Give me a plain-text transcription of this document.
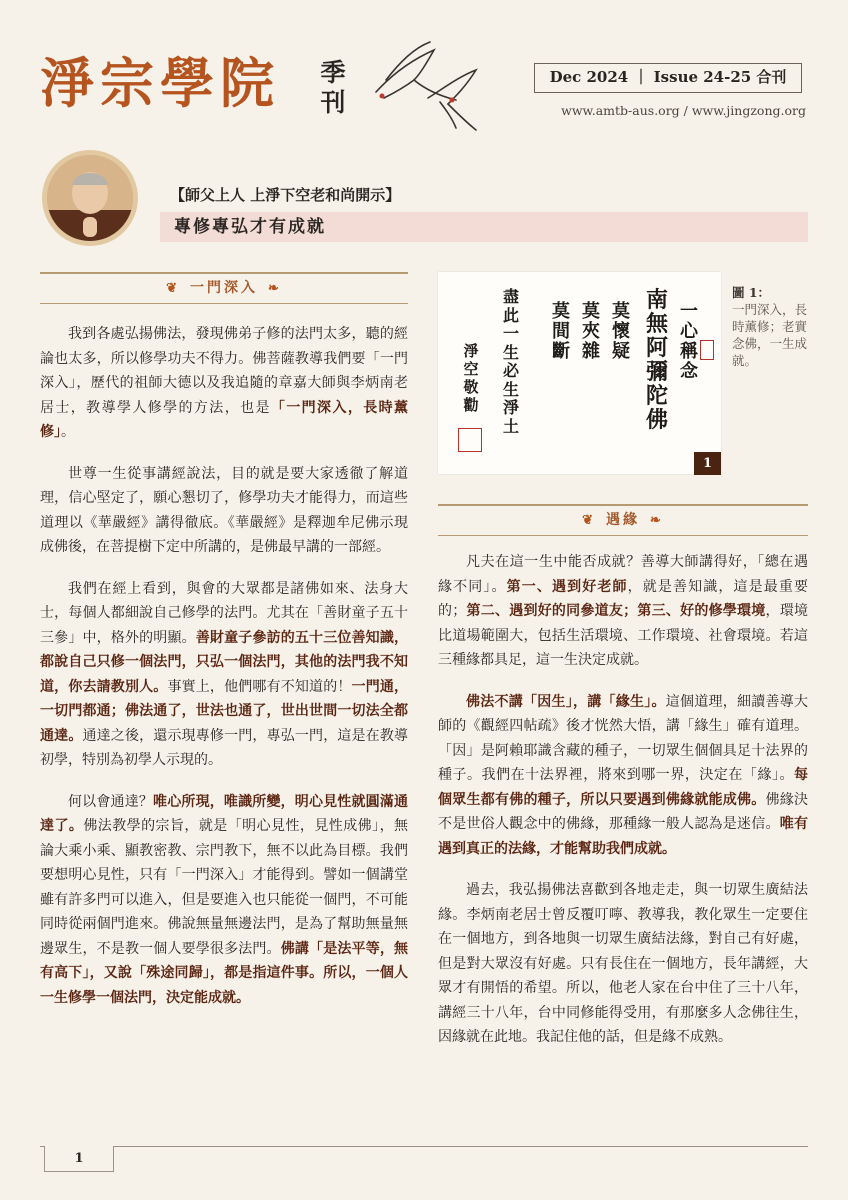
淨宗學院 季刊
Dec 2024 ｜ Issue 24-25 合刊
www.amtb-aus.org / www.jingzong.org
【師父上人 上淨下空老和尚開示】
專修專弘才有成就
❦ 一門深入 ❧

我到各處弘揚佛法，發現佛弟子修的法門太多，聽的經論也太多，所以修學功夫不得力。佛菩薩教導我們要「一門深入」，歷代的祖師大德以及我追隨的章嘉大師與李炳南老居士，教導學人修學的方法，也是「一門深入，長時薰修」。

世尊一生從事講經說法，目的就是要大家透徹了解道理，信心堅定了，願心懇切了，修學功夫才能得力，而這些道理以《華嚴經》講得徹底。《華嚴經》是釋迦牟尼佛示現成佛後，在菩提樹下定中所講的，是佛最早講的一部經。

我們在經上看到，與會的大眾都是諸佛如來、法身大士，每個人都細說自己修學的法門。尤其在「善財童子五十三參」中，格外的明顯。善財童子參訪的五十三位善知識，都說自己只修一個法門，只弘一個法門，其他的法門我不知道，你去請教別人。事實上，他們哪有不知道的！一門通，一切門都通；佛法通了，世法也通了，世出世間一切法全都通達。通達之後，還示現專修一門，專弘一門，這是在教導初學，特別為初學人示現的。

何以會通達？唯心所現，唯識所變，明心見性就圓滿通達了。佛法教學的宗旨，就是「明心見性，見性成佛」，無論大乘小乘、顯教密教、宗門教下，無不以此為目標。我們要想明心見性，只有「一門深入」才能得到。譬如一個講堂雖有許多門可以進入，但是要進入也只能從一個門，不可能同時從兩個門進來。佛說無量無邊法門，是為了幫助無量無邊眾生，不是教一個人要學很多法門。佛講「是法平等，無有高下」，又說「殊途同歸」，都是指這件事。所以，一個人一生修學一個法門，決定能成就。

一心稱念
南無阿彌陀佛
莫懷疑
莫夾雜
莫間斷
盡此一生必生淨土
淨空敬勸
1
圖 1：
一門深入，長時薰修；老實念佛，一生成就。
❦ 遇緣 ❧

凡夫在這一生中能否成就？善導大師講得好，「總在遇緣不同」。第一、遇到好老師，就是善知識，這是最重要的；第二、遇到好的同參道友；第三、好的修學環境，環境比道場範圍大，包括生活環境、工作環境、社會環境。若這三種緣都具足，這一生決定成就。

佛法不講「因生」，講「緣生」。這個道理，細讀善導大師的《觀經四帖疏》後才恍然大悟，講「緣生」確有道理。「因」是阿賴耶識含藏的種子，一切眾生個個具足十法界的種子。我們在十法界裡，將來到哪一界，決定在「緣」。每個眾生都有佛的種子，所以只要遇到佛緣就能成佛。佛緣決不是世俗人觀念中的佛緣，那種緣一般人認為是迷信。唯有遇到真正的法緣，才能幫助我們成就。

過去，我弘揚佛法喜歡到各地走走，與一切眾生廣結法緣。李炳南老居士曾反覆叮嚀、教導我，教化眾生一定要住在一個地方，到各地與一切眾生廣結法緣，對自己有好處，但是對大眾沒有好處。只有長住在一個地方，長年講經，大眾才有開悟的希望。所以，他老人家在台中住了三十八年，講經三十八年，台中同修能得受用，有那麼多人念佛往生，因緣就在此地。我記住他的話，但是緣不成熟。

1
